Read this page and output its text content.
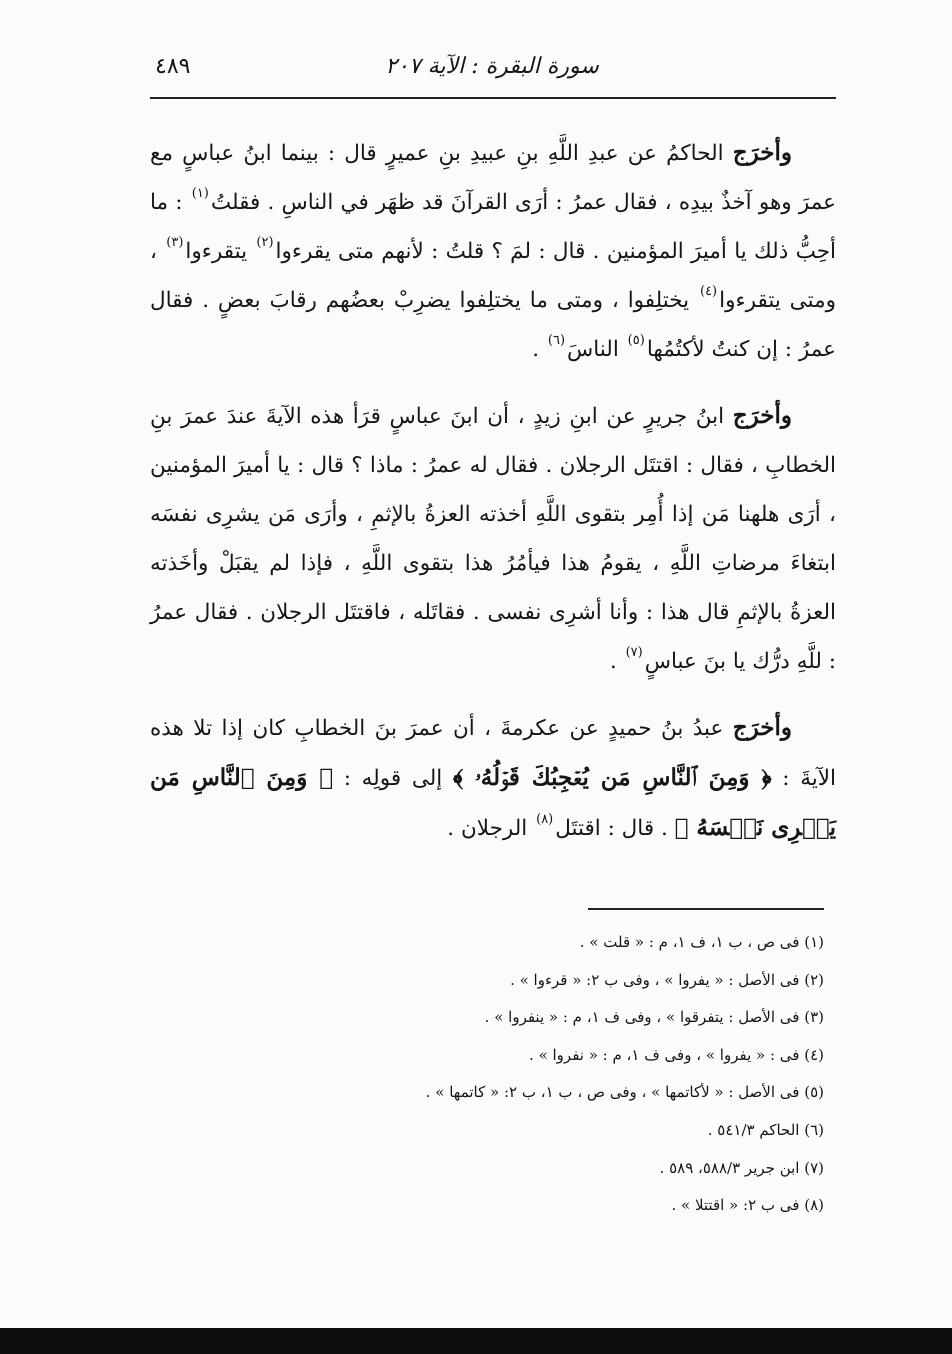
٤٨٩	سورة البقرة : الآية ٢٠٧

وأخرَج الحاكمُ عن عبدِ اللَّهِ بنِ عبيدِ بنِ عميرٍ قال : بينما ابنُ عباسٍ مع عمرَ وهو آخذٌ بيدِه ، فقال عمرُ : أرَى القرآنَ قد ظهَر في الناسِ . فقلتُ$^{(١)}$ : ما أحِبُّ ذلك يا أميرَ المؤمنين . قال : لمَ ؟ قلتُ : لأنهم متى يقرءوا$^{(٢)}$ يتقرءوا$^{(٣)}$ ، ومتى يتقرءوا$^{(٤)}$ يختلِفوا ، ومتى ما يختلِفوا يضرِبْ بعضُهم رقابَ بعضٍ . فقال عمرُ : إن كنتُ لأكتُمُها$^{(٥)}$ الناسَ$^{(٦)}$ .

وأخرَج ابنُ جريرٍ عن ابنِ زيدٍ ، أن ابنَ عباسٍ قرَأ هذه الآيةَ عندَ عمرَ بنِ الخطابِ ، فقال : اقتتَل الرجلان . فقال له عمرُ : ماذا ؟ قال : يا أميرَ المؤمنين ، أرَى هلهنا مَن إذا أُمِر بتقوى اللَّهِ أخذته العزةُ بالإثمِ ، وأرَى مَن يشرِى نفسَه ابتغاءَ مرضاتِ اللَّهِ ، يقومُ هذا فيأمُرُ هذا بتقوى اللَّهِ ، فإذا لم يقبَلْ وأخَذته العزةُ بالإثمِ قال هذا : وأنا أشرِى نفسى . فقاتَله ، فاقتتَل الرجلان . فقال عمرُ : للَّهِ درُّك يا بنَ عباسٍ$^{(٧)}$ .

وأخرَج عبدُ بنُ حميدٍ عن عكرمةَ ، أن عمرَ بنَ الخطابِ كان إذا تلا هذه الآيةَ : ﴿ وَمِنَ ٱلنَّاسِ مَن يُعۡجِبُكَ قَوۡلُهُۥ ﴾ إلى قولِه : ﴿ وَمِنَ ٱلنَّاسِ مَن يَشۡرِى نَفۡسَهُ ﴾ . قال : اقتتَل$^{(٨)}$ الرجلان .

(١) فى ص ، ب ١، ف ١، م : « قلت » .
(٢) فى الأصل : « يفروا » ، وفى ب ٢: « قرءوا » .
(٣) فى الأصل : يتفرقوا » ، وفى ف ١، م : « ينفروا » .
(٤) فى : « يفروا » ، وفى ف ١، م : « نفروا » .
(٥) فى الأصل : « لأكاتمها » ، وفى ص ، ب ١، ب ٢: « كاتمها » .
(٦) الحاكم ٥٤١/٣ .
(٧) ابن جرير ٥٨٨/٣، ٥٨٩ .
(٨) فى ب ٢: « اقتتلا » .
